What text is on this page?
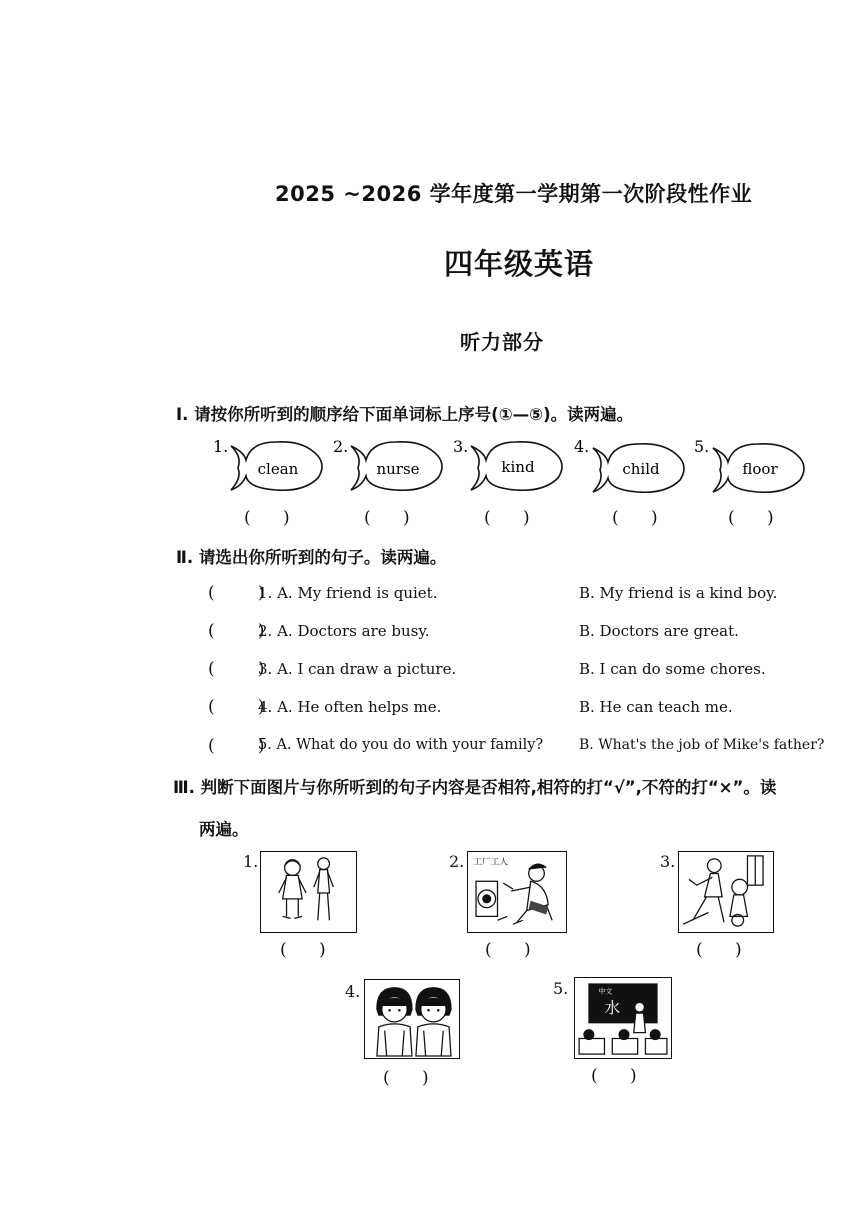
2025 ~2026 学年度第一学期第一次阶段性作业
四年级英语
听力部分
Ⅰ. 请按你所听到的顺序给下面单词标上序号(①—⑤)。读两遍。
1.
clean
2.
nurse
3.
kind
4.
child
5.
floor
(      )	(      )	(      )	(      )	(      )
Ⅱ. 请选出你所听到的句子。读两遍。
(        )
1. A. My friend is quiet.	B. My friend is a kind boy.
(        )
2. A. Doctors are busy.	B. Doctors are great.
(        )
3. A. I can draw a picture.	B. I can do some chores.
(        )
4. A. He often helps me.	B. He can teach me.
(        )
5. A. What do you do with your family?	B. What's the job of Mike's father?
Ⅲ. 判断下面图片与你所听到的句子内容是否相符,相符的打“√”,不符的打“×”。读
两遍。
1.
(      )
2. 工厂工人
(      )
3.
(      )
4.
(      )
5.	中文
水
(      )
